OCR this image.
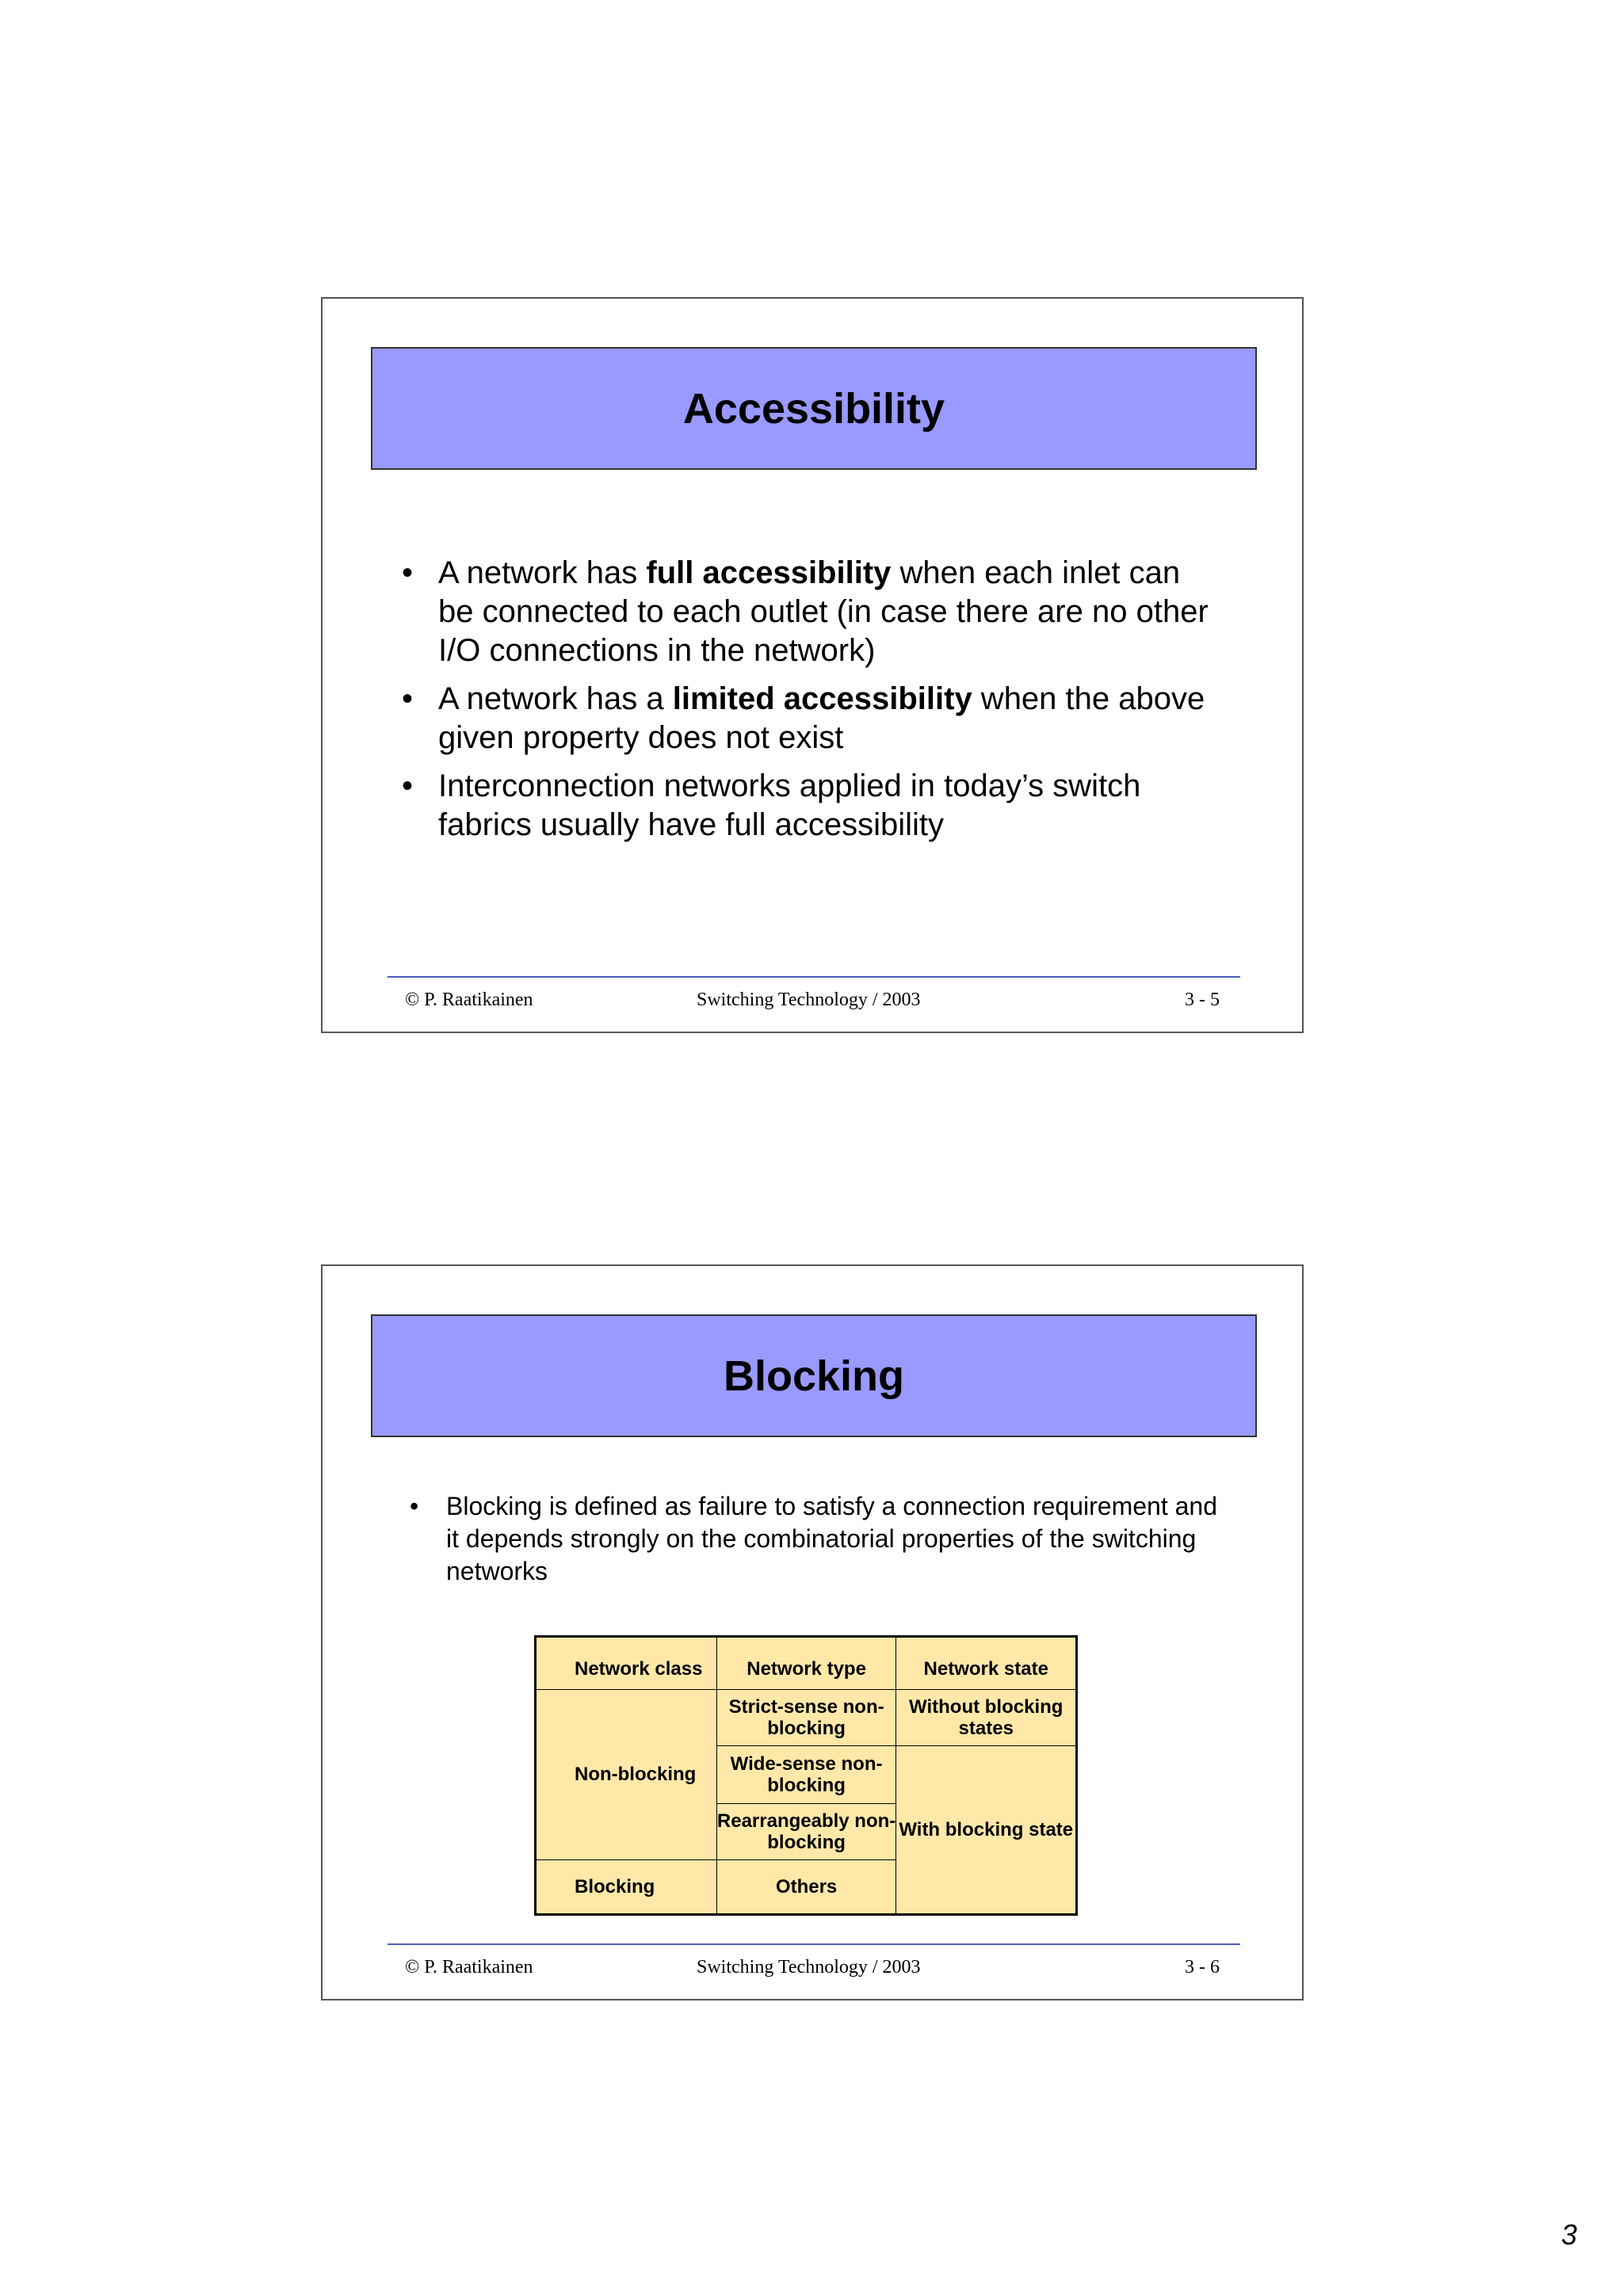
Accessibility
• A network has full accessibility when each inlet can be connected to each outlet (in case there are no other I/O connections in the network)
• A network has a limited accessibility when the above given property does not exist
• Interconnection networks applied in today’s switch fabrics usually have full accessibility
© P. Raatikainen	Switching Technology / 2003	3 - 5
Blocking
• Blocking is defined as failure to satisfy a connection requirement and it depends strongly on the combinatorial properties of the switching networks
Network class	Network type	Network state
Non-blocking	Strict-sense non-blocking	Without blocking states
	Wide-sense non-blocking	With blocking state
	Rearrangeably non-blocking	
Blocking	Others	
© P. Raatikainen	Switching Technology / 2003	3 - 6
3
